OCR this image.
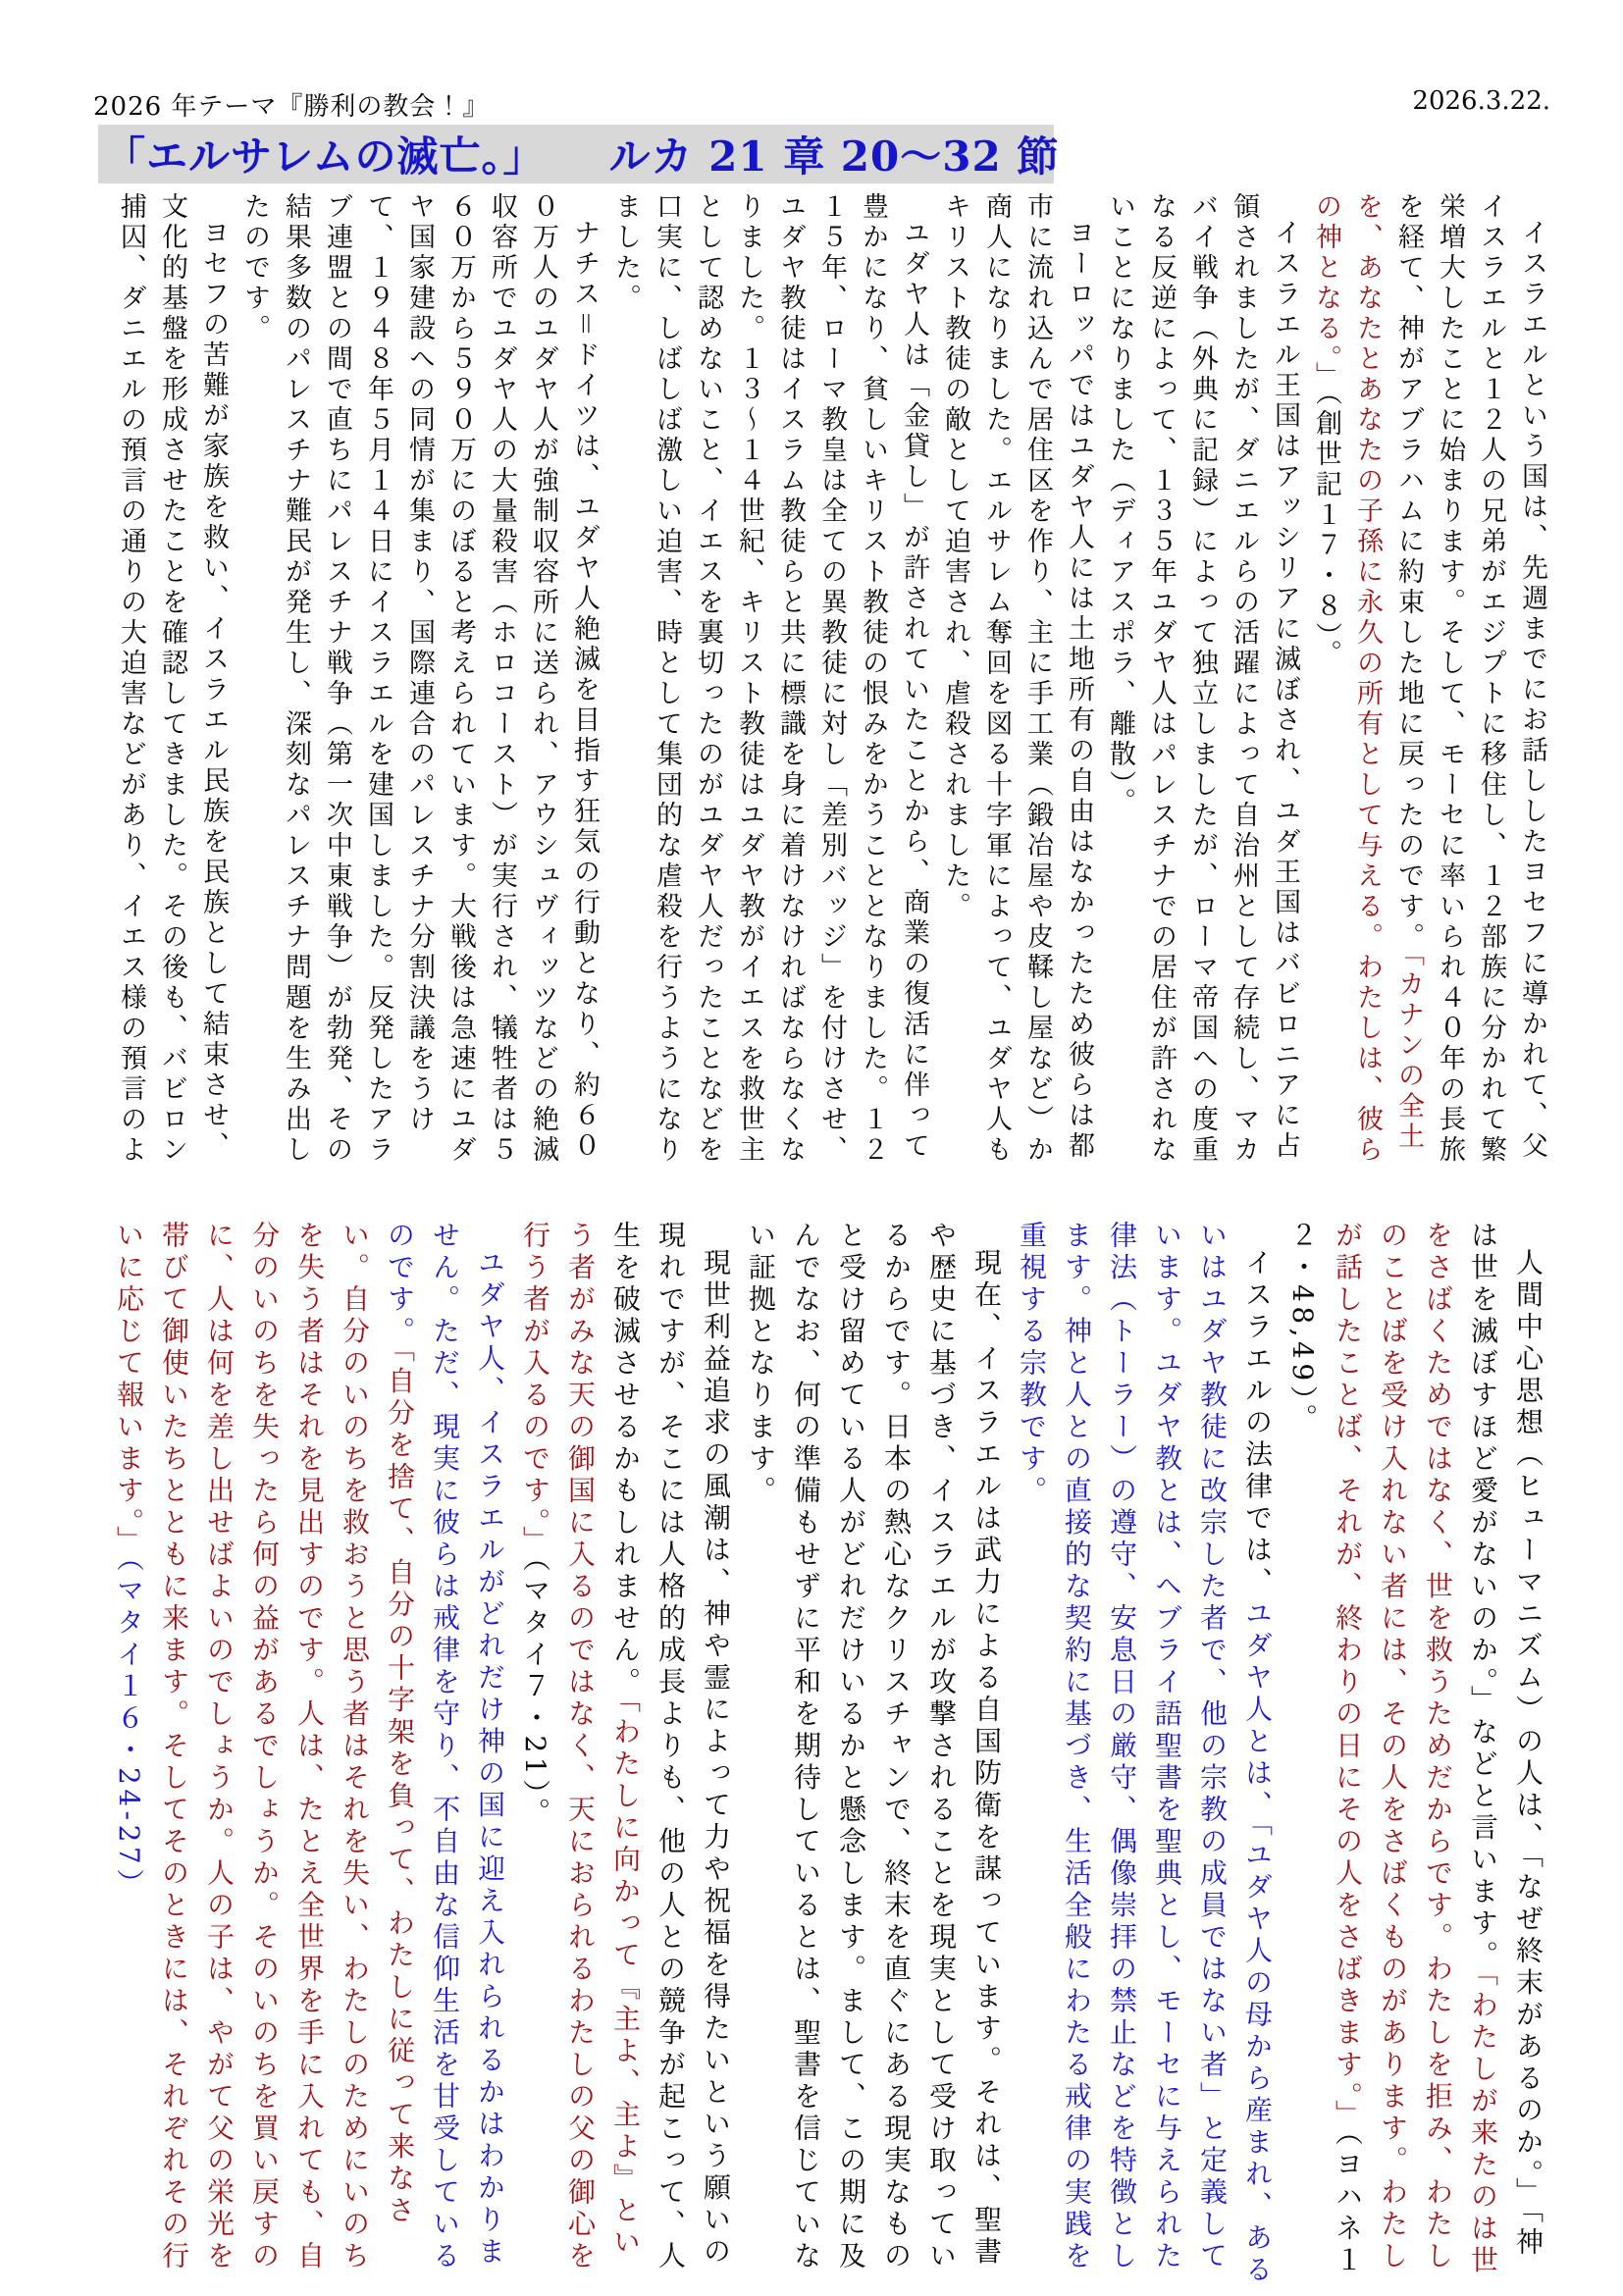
2026 年テーマ『勝利の教会！』	2026.3.22.
「エルサレムの滅亡。」　　ルカ 21 章 20～32 節

イスラエルという国は、先週までにお話ししたヨセフに導かれて、父イスラエルと１２人の兄弟がエジプトに移住し、１２部族に分かれて繁栄増大したことに始まります。そして、モーセに率いられ４０年の長旅を経て、神がアブラハムに約束した地に戻ったのです。「カナンの全土を、あなたとあなたの子孫に永久の所有として与える。わたしは、彼らの神となる。」（創世記１７・８）。

イスラエル王国はアッシリアに滅ぼされ、ユダ王国はバビロニアに占領されましたが、ダニエルらの活躍によって自治州として存続し、マカバイ戦争（外典に記録）によって独立しましたが、ローマ帝国への度重なる反逆によって、１３５年ユダヤ人はパレスチナでの居住が許されないことになりました（ディアスポラ、離散）。

ヨーロッパではユダヤ人には土地所有の自由はなかったため彼らは都市に流れ込んで居住区を作り、主に手工業（鍛冶屋や皮鞣し屋など）か商人になりました。エルサレム奪回を図る十字軍によって、ユダヤ人もキリスト教徒の敵として迫害され、虐殺されました。

ユダヤ人は「金貸し」が許されていたことから、商業の復活に伴って豊かになり、貧しいキリスト教徒の恨みをかうこととなりました。１２１５年、ローマ教皇は全ての異教徒に対し「差別バッジ」を付けさせ、ユダヤ教徒はイスラム教徒らと共に標識を身に着けなければならなくなりました。１３〜１４世紀、キリスト教徒はユダヤ教がイエスを救世主として認めないこと、イエスを裏切ったのがユダヤ人だったことなどを口実に、しばしば激しい迫害、時として集団的な虐殺を行うようになりました。

ナチス＝ドイツは、ユダヤ人絶滅を目指す狂気の行動となり、約６００万人のユダヤ人が強制収容所に送られ、アウシュヴィッツなどの絶滅収容所でユダヤ人の大量殺害（ホロコースト）が実行され、犠牲者は５６０万から５９０万にのぼると考えられています。大戦後は急速にユダヤ国家建設への同情が集まり、国際連合のパレスチナ分割決議をうけて、１９４８年５月１４日にイスラエルを建国しました。反発したアラブ連盟との間で直ちにパレスチナ戦争（第一次中東戦争）が勃発、その結果多数のパレスチナ難民が発生し、深刻なパレスチナ問題を生み出したのです。

ヨセフの苦難が家族を救い、イスラエル民族を民族として結束させ、文化的基盤を形成させたことを確認してきました。その後も、バビロン捕囚、ダニエルの預言の通りの大迫害などがあり、イエス様の預言のよ

人間中心思想（ヒューマニズム）の人は、「なぜ終末があるのか。」「神は世を滅ぼすほど愛がないのか。」などと言います。「わたしが来たのは世をさばくためではなく、世を救うためだからです。わたしを拒み、わたしのことばを受け入れない者には、その人をさばくものがあります。わたしが話したことば、それが、終わりの日にその人をさばきます。」（ヨハネ１２・48,49）。

イスラエルの法律では、ユダヤ人とは、「ユダヤ人の母から産まれ、あるいはユダヤ教徒に改宗した者で、他の宗教の成員ではない者」と定義しています。ユダヤ教とは、ヘブライ語聖書を聖典とし、モーセに与えられた律法（トーラー）の遵守、安息日の厳守、偶像崇拝の禁止などを特徴とします。神と人との直接的な契約に基づき、生活全般にわたる戒律の実践を重視する宗教です。

現在、イスラエルは武力による自国防衛を謀っています。それは、聖書や歴史に基づき、イスラエルが攻撃されることを現実として受け取っているからです。日本の熱心なクリスチャンで、終末を直ぐにある現実なものと受け留めている人がどれだけいるかと懸念します。まして、この期に及んでなお、何の準備もせずに平和を期待しているとは、聖書を信じていない証拠となります。

現世利益追求の風潮は、神や霊によって力や祝福を得たいという願いの現れですが、そこには人格的成長よりも、他の人との競争が起こって、人生を破滅させるかもしれません。「わたしに向かって『主よ、主よ』という者がみな天の御国に入るのではなく、天におられるわたしの父の御心を行う者が入るのです。」（マタイ７・21）。

ユダヤ人、イスラエルがどれだけ神の国に迎え入れられるかはわかりません。ただ、現実に彼らは戒律を守り、不自由な信仰生活を甘受しているのです。「自分を捨て、自分の十字架を負って、わたしに従って来なさい。自分のいのちを救おうと思う者はそれを失い、わたしのためにいのちを失う者はそれを見出すのです。人は、たとえ全世界を手に入れても、自分のいのちを失ったら何の益があるでしょうか。そのいのちを買い戻すのに、人は何を差し出せばよいのでしょうか。人の子は、やがて父の栄光を帯びて御使いたちとともに来ます。そしてそのときには、それぞれその行いに応じて報います。」（マタイ１６・24-27）
